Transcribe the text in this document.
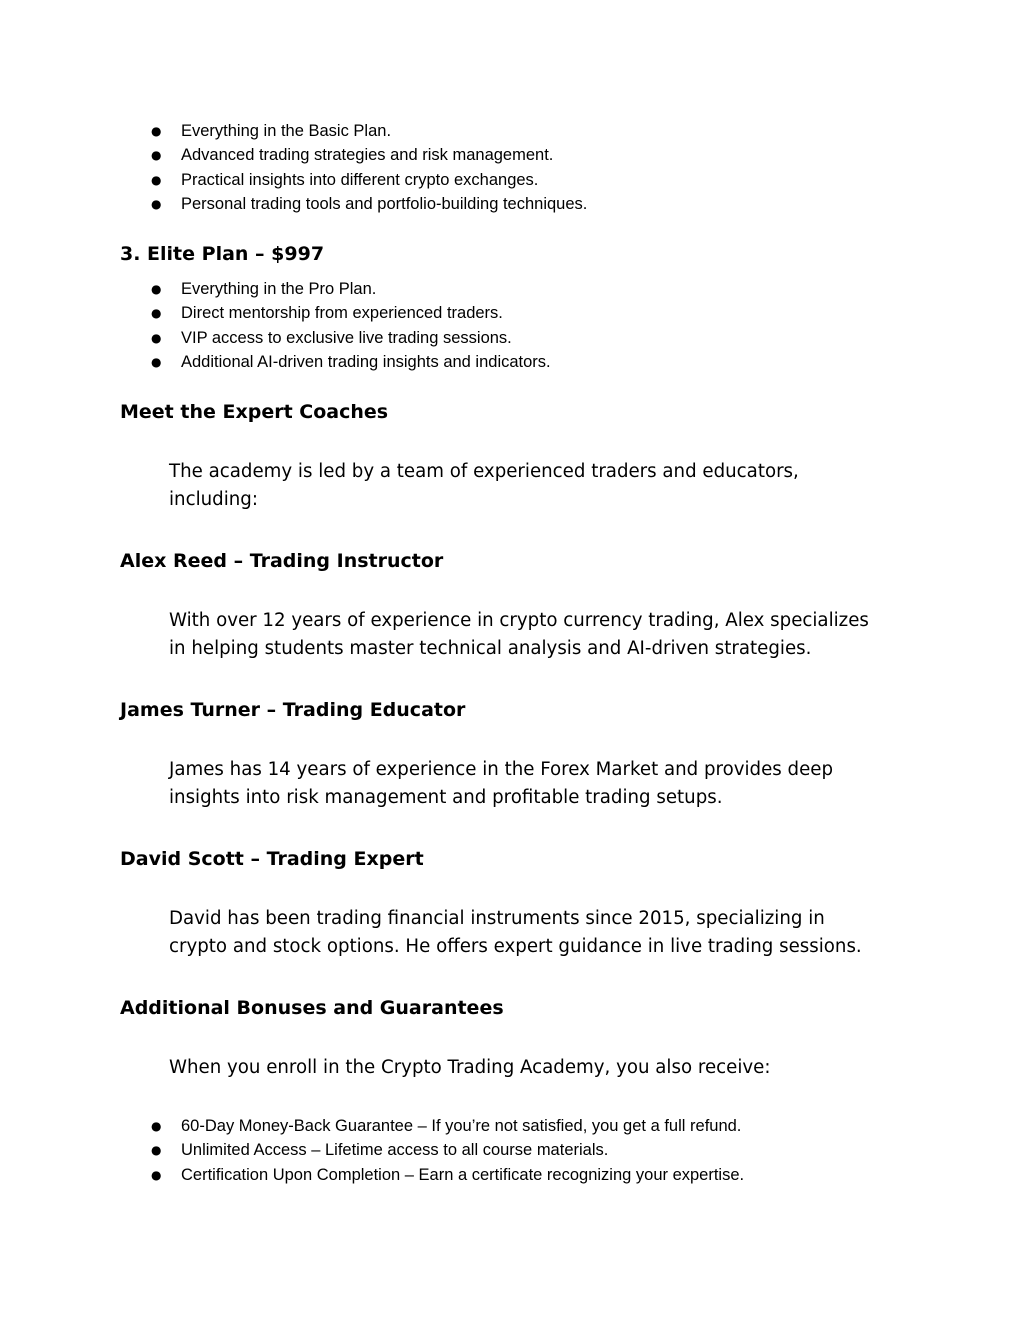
● Everything in the Basic Plan.
● Advanced trading strategies and risk management.
● Practical insights into different crypto exchanges.
● Personal trading tools and portfolio-building techniques.
3. Elite Plan – $997
● Everything in the Pro Plan.
● Direct mentorship from experienced traders.
● VIP access to exclusive live trading sessions.
● Additional AI-driven trading insights and indicators.
Meet the Expert Coaches
The academy is led by a team of experienced traders and educators, including:
Alex Reed – Trading Instructor
With over 12 years of experience in crypto currency trading, Alex specializes in helping students master technical analysis and AI-driven strategies.
James Turner – Trading Educator
James has 14 years of experience in the Forex Market and provides deep insights into risk management and profitable trading setups.
David Scott – Trading Expert
David has been trading financial instruments since 2015, specializing in crypto and stock options. He offers expert guidance in live trading sessions.
Additional Bonuses and Guarantees
When you enroll in the Crypto Trading Academy, you also receive:
● 60-Day Money-Back Guarantee – If you’re not satisfied, you get a full refund.
● Unlimited Access – Lifetime access to all course materials.
● Certification Upon Completion – Earn a certificate recognizing your expertise.
